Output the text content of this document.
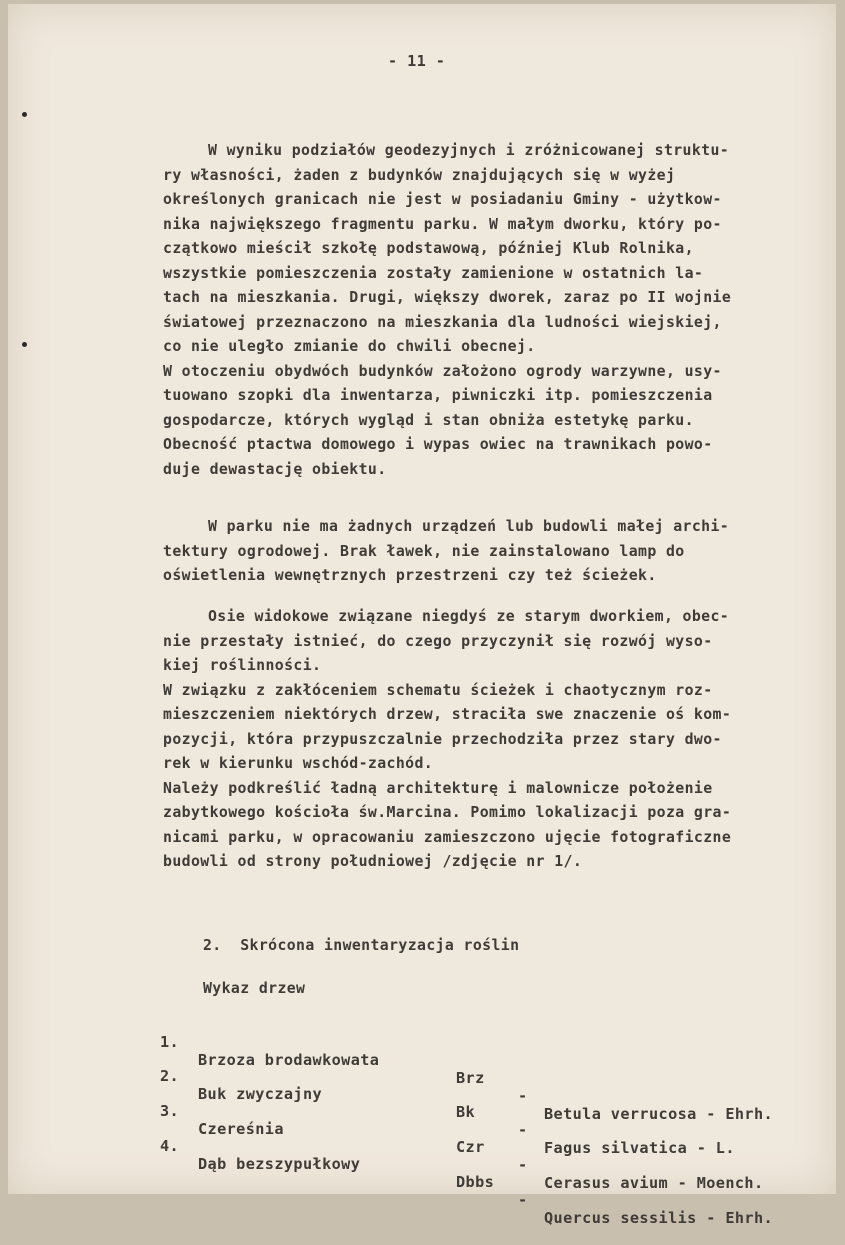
- 11 -
W wyniku podziałów geodezyjnych i zróżnicowanej struktu-
ry własności, żaden z budynków znajdujących się w wyżej
określonych granicach nie jest w posiadaniu Gminy - użytkow-
nika największego fragmentu parku. W małym dworku, który po-
czątkowo mieścił szkołę podstawową, później Klub Rolnika,
wszystkie pomieszczenia zostały zamienione w ostatnich la-
tach na mieszkania. Drugi, większy dworek, zaraz po II wojnie
światowej przeznaczono na mieszkania dla ludności wiejskiej,
co nie uległo zmianie do chwili obecnej.
W otoczeniu obydwóch budynków założono ogrody warzywne, usy-
tuowano szopki dla inwentarza, piwniczki itp. pomieszczenia
gospodarcze, których wygląd i stan obniża estetykę parku.
Obecność ptactwa domowego i wypas owiec na trawnikach powo-
duje dewastację obiektu.
W parku nie ma żadnych urządzeń lub budowli małej archi-
tektury ogrodowej. Brak ławek, nie zainstalowano lamp do
oświetlenia wewnętrznych przestrzeni czy też ścieżek.
Osie widokowe związane niegdyś ze starym dworkiem, obec-
nie przestały istnieć, do czego przyczynił się rozwój wyso-
kiej roślinności.
W związku z zakłóceniem schematu ścieżek i chaotycznym roz-
mieszczeniem niektórych drzew, straciła swe znaczenie oś kom-
pozycji, która przypuszczalnie przechodziła przez stary dwo-
rek w kierunku wschód-zachód.
Należy podkreślić ładną architekturę i malownicze położenie
zabytkowego kościoła św.Marcina. Pomimo lokalizacji poza gra-
nicami parku, w opracowaniu zamieszczono ujęcie fotograficzne
budowli od strony południowej /zdjęcie nr 1/.
2.  Skrócona inwentaryzacja roślin
Wykaz drzew

1.

Brzoza brodawkowata

Brz

-

Betula verrucosa - Ehrh.

2.

Buk zwyczajny

Bk

-

Fagus silvatica - L.

3.

Czereśnia

Czr

-

Cerasus avium - Moench.

4.

Dąb bezszypułkowy

Dbbs

-

Quercus sessilis - Ehrh.
